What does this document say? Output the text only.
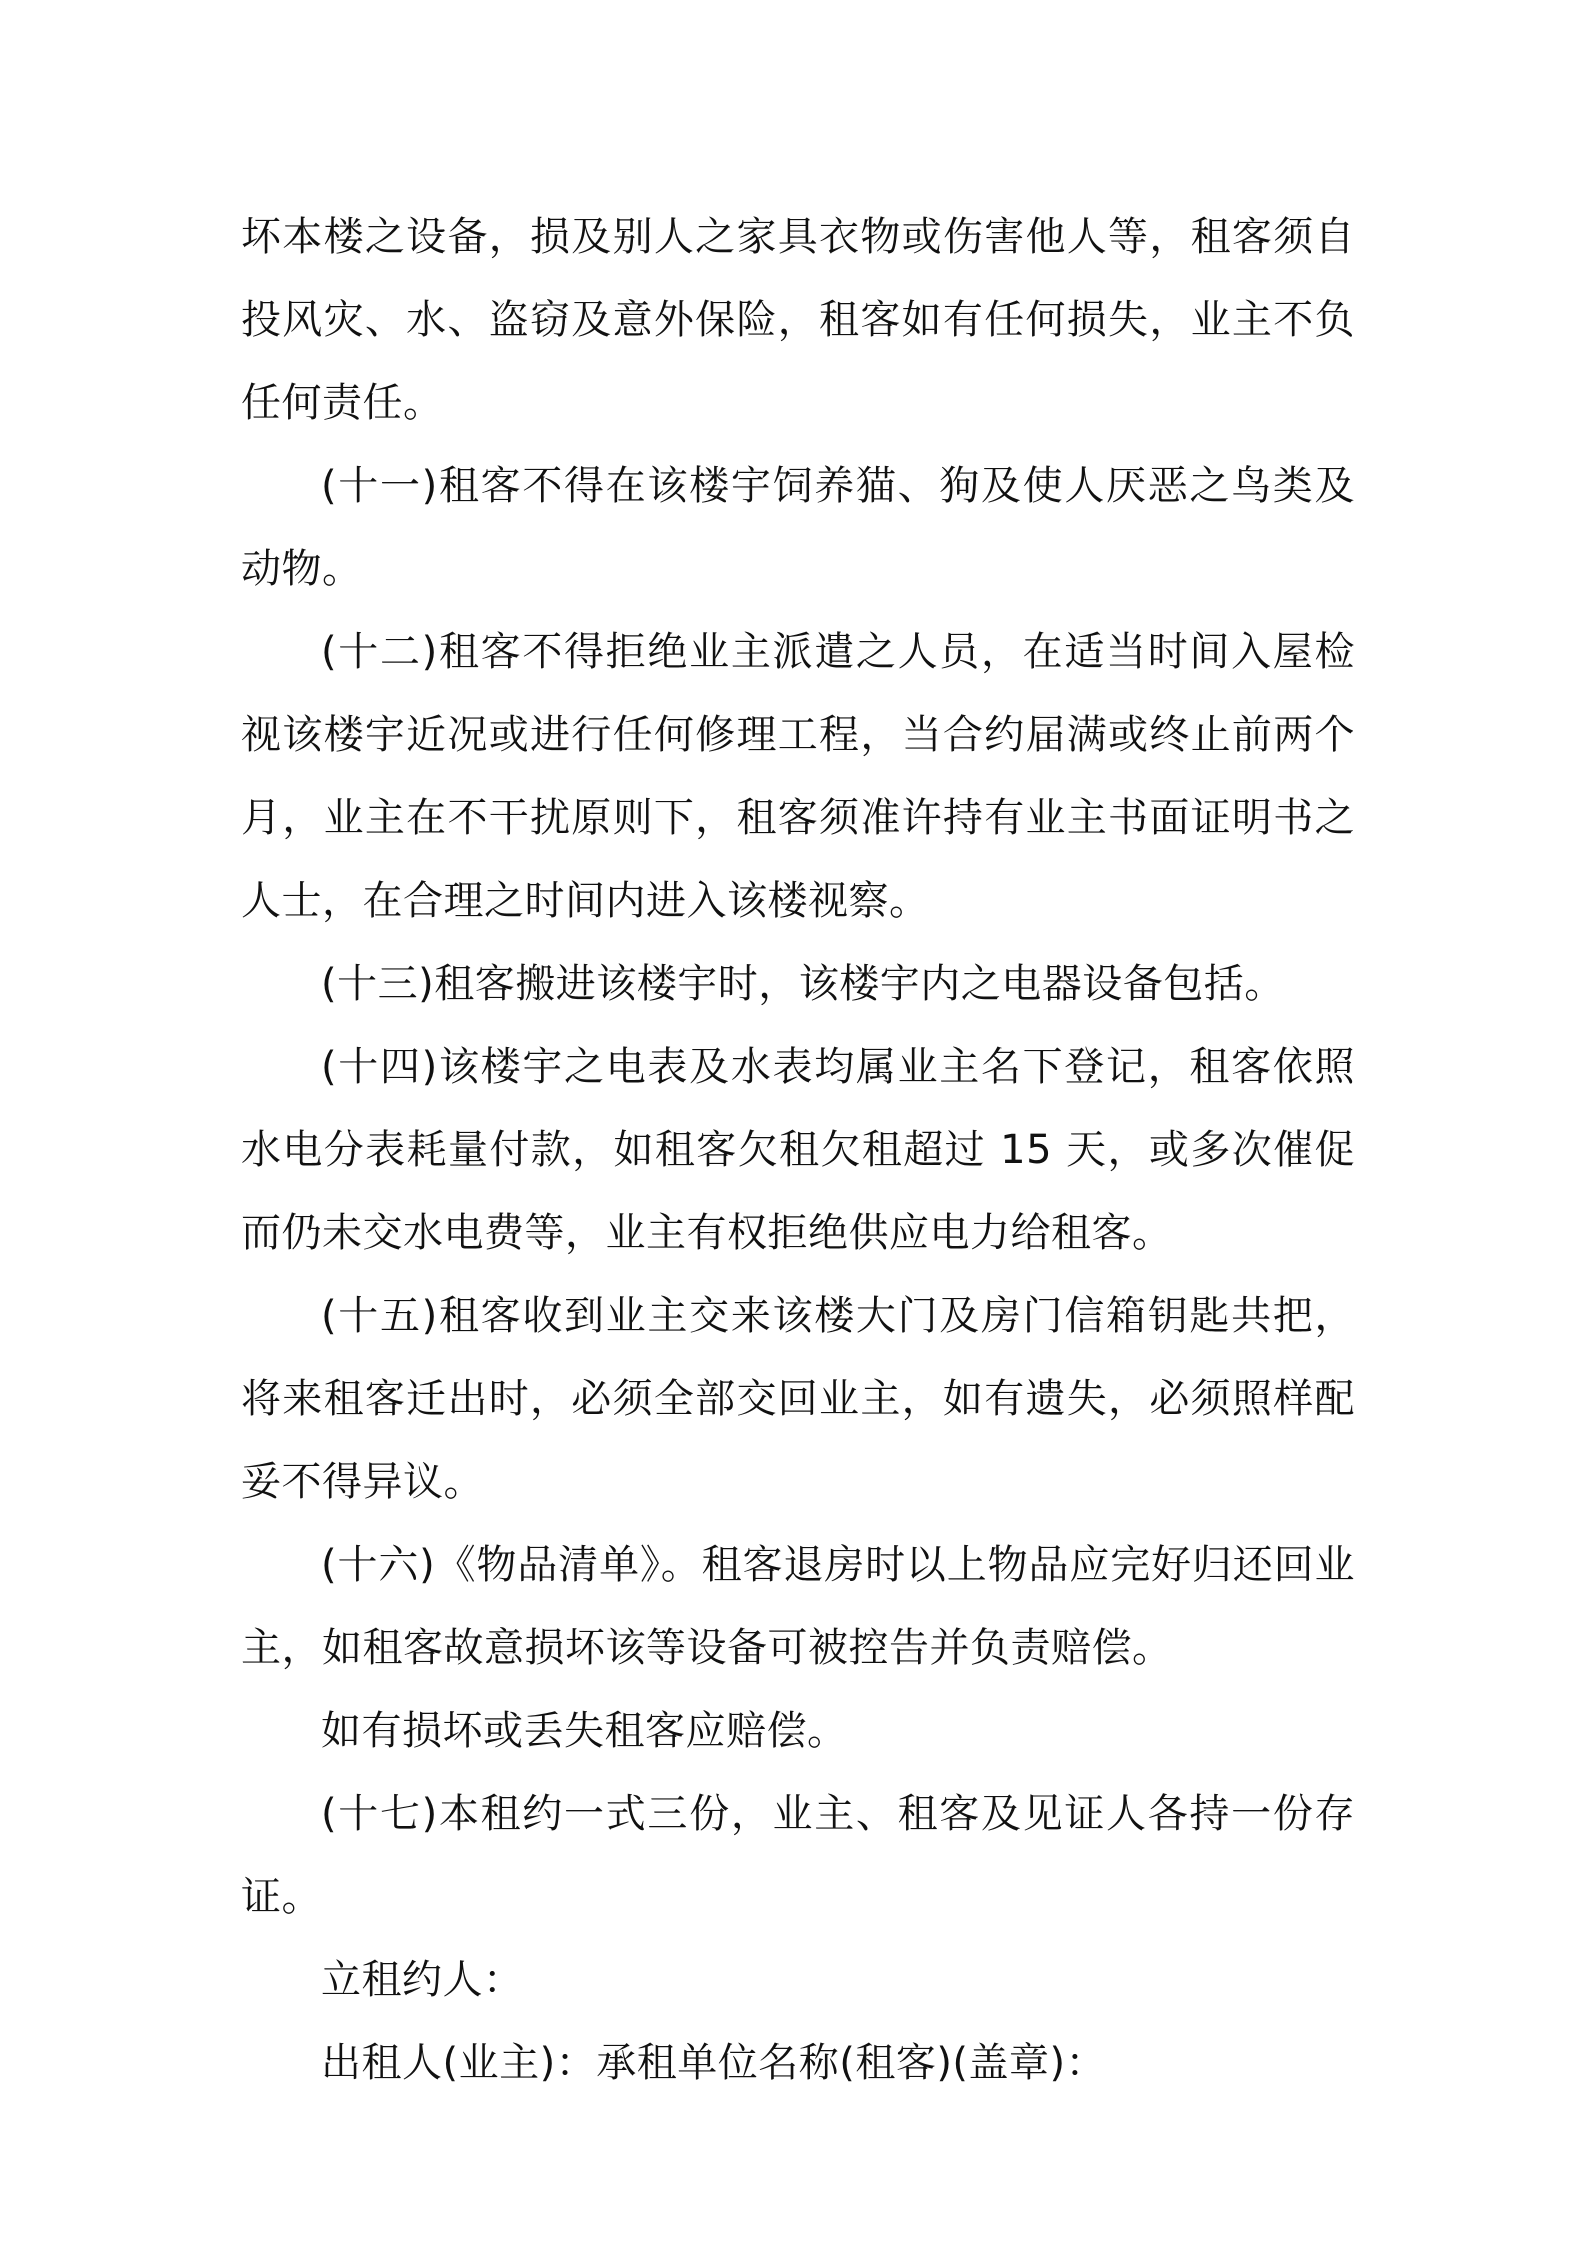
坏本楼之设备，损及别人之家具衣物或伤害他人等，租客须自投风灾、水、盗窃及意外保险，租客如有任何损失，业主不负任何责任。

(十一)租客不得在该楼宇饲养猫、狗及使人厌恶之鸟类及动物。

(十二)租客不得拒绝业主派遣之人员，在适当时间入屋检视该楼宇近况或进行任何修理工程，当合约届满或终止前两个月，业主在不干扰原则下，租客须准许持有业主书面证明书之人士，在合理之时间内进入该楼视察。

(十三)租客搬进该楼宇时，该楼宇内之电器设备包括。

(十四)该楼宇之电表及水表均属业主名下登记，租客依照水电分表耗量付款，如租客欠租欠租超过 15 天，或多次催促而仍未交水电费等，业主有权拒绝供应电力给租客。

(十五)租客收到业主交来该楼大门及房门信箱钥匙共把，将来租客迁出时，必须全部交回业主，如有遗失，必须照样配妥不得异议。

(十六)《物品清单》。租客退房时以上物品应完好归还回业主，如租客故意损坏该等设备可被控告并负责赔偿。

如有损坏或丢失租客应赔偿。

(十七)本租约一式三份，业主、租客及见证人各持一份存证。

立租约人：

出租人(业主)：承租单位名称(租客)(盖章)：
